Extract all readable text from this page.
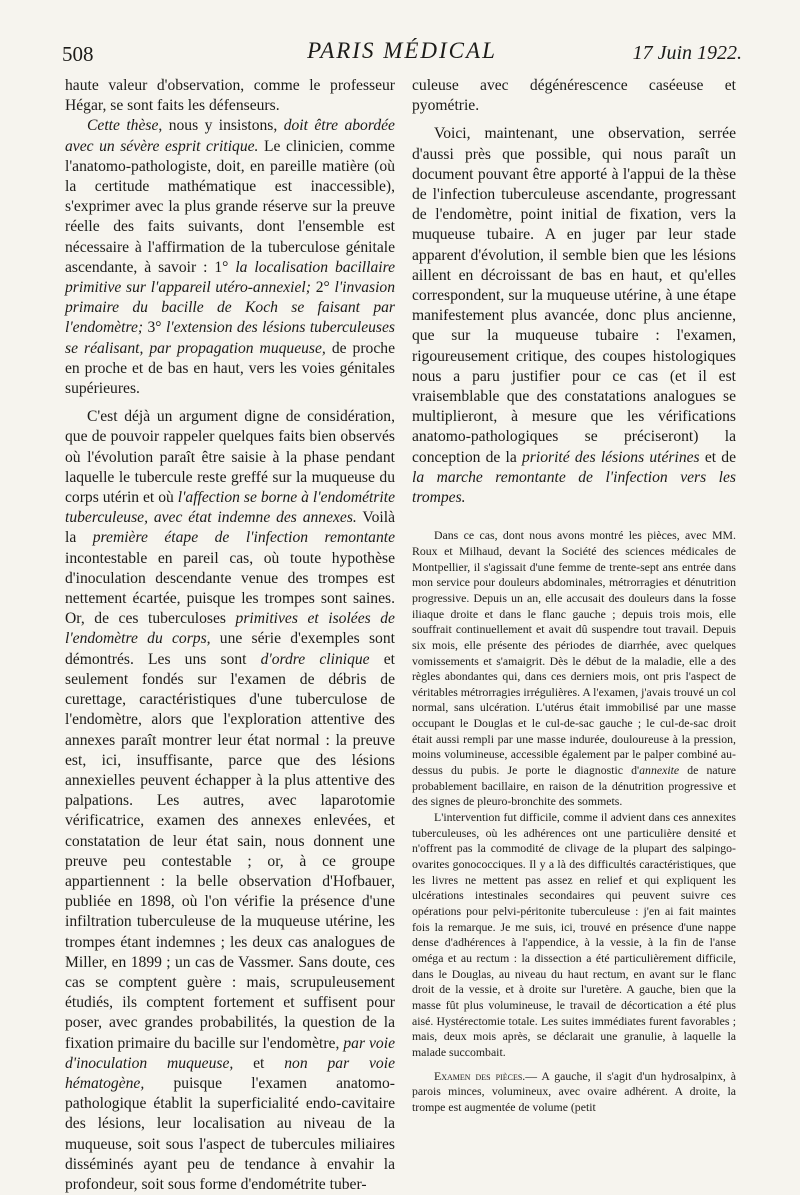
508	PARIS MÉDICAL	17 Juin 1922.

haute valeur d'observation, comme le professeur Hégar, se sont faits les défenseurs.

Cette thèse, nous y insistons, doit être abordée avec un sévère esprit critique. Le clinicien, comme l'anatomo-pathologiste, doit, en pareille matière (où la certitude mathématique est inaccessible), s'exprimer avec la plus grande réserve sur la preuve réelle des faits suivants, dont l'ensemble est nécessaire à l'affirmation de la tuberculose génitale ascendante, à savoir : 1° la localisation bacillaire primitive sur l'appareil utéro-annexiel; 2° l'invasion primaire du bacille de Koch se faisant par l'endomètre; 3° l'extension des lésions tuberculeuses se réalisant, par propagation muqueuse, de proche en proche et de bas en haut, vers les voies génitales supérieures.

C'est déjà un argument digne de considération, que de pouvoir rappeler quelques faits bien observés où l'évolution paraît être saisie à la phase pendant laquelle le tubercule reste greffé sur la muqueuse du corps utérin et où l'affection se borne à l'endométrite tuberculeuse, avec état indemne des annexes. Voilà la première étape de l'infection remontante incontestable en pareil cas, où toute hypothèse d'inoculation descendante venue des trompes est nettement écartée, puisque les trompes sont saines. Or, de ces tuberculoses primitives et isolées de l'endomètre du corps, une série d'exemples sont démontrés. Les uns sont d'ordre clinique et seulement fondés sur l'examen de débris de curettage, caractéristiques d'une tuberculose de l'endomètre, alors que l'exploration attentive des annexes paraît montrer leur état normal : la preuve est, ici, insuffisante, parce que des lésions annexielles peuvent échapper à la plus attentive des palpations. Les autres, avec laparotomie vérificatrice, examen des annexes enlevées, et constatation de leur état sain, nous donnent une preuve peu contestable ; or, à ce groupe appartiennent : la belle observation d'Hofbauer, publiée en 1898, où l'on vérifie la présence d'une infiltration tuberculeuse de la muqueuse utérine, les trompes étant indemnes ; les deux cas analogues de Miller, en 1899 ; un cas de Vassmer. Sans doute, ces cas se comptent guère : mais, scrupuleusement étudiés, ils comptent fortement et suffisent pour poser, avec grandes probabilités, la question de la fixation primaire du bacille sur l'endomètre, par voie d'inoculation muqueuse, et non par voie hématogène, puisque l'examen anatomo-pathologique établit la superficialité endo-cavitaire des lésions, leur localisation au niveau de la muqueuse, soit sous l'aspect de tubercules miliaires disséminés ayant peu de tendance à envahir la profondeur, soit sous forme d'endométrite tuber-

culeuse avec dégénérescence caséeuse et pyométrie.

Voici, maintenant, une observation, serrée d'aussi près que possible, qui nous paraît un document pouvant être apporté à l'appui de la thèse de l'infection tuberculeuse ascendante, progressant de l'endomètre, point initial de fixation, vers la muqueuse tubaire. A en juger par leur stade apparent d'évolution, il semble bien que les lésions aillent en décroissant de bas en haut, et qu'elles correspondent, sur la muqueuse utérine, à une étape manifestement plus avancée, donc plus ancienne, que sur la muqueuse tubaire : l'examen, rigoureusement critique, des coupes histologiques nous a paru justifier pour ce cas (et il est vraisemblable que des constatations analogues se multiplieront, à mesure que les vérifications anatomo-pathologiques se préciseront) la conception de la priorité des lésions utérines et de la marche remontante de l'infection vers les trompes.

Dans ce cas, dont nous avons montré les pièces, avec MM. Roux et Milhaud, devant la Société des sciences médicales de Montpellier, il s'agissait d'une femme de trente-sept ans entrée dans mon service pour douleurs abdominales, métrorragies et dénutrition progressive. Depuis un an, elle accusait des douleurs dans la fosse iliaque droite et dans le flanc gauche ; depuis trois mois, elle souffrait continuellement et avait dû suspendre tout travail. Depuis six mois, elle présente des périodes de diarrhée, avec quelques vomissements et s'amaigrit. Dès le début de la maladie, elle a des règles abondantes qui, dans ces derniers mois, ont pris l'aspect de véritables métrorragies irrégulières. A l'examen, j'avais trouvé un col normal, sans ulcération. L'utérus était immobilisé par une masse occupant le Douglas et le cul-de-sac gauche ; le cul-de-sac droit était aussi rempli par une masse indurée, douloureuse à la pression, moins volumineuse, accessible également par le palper combiné au-dessus du pubis. Je porte le diagnostic d'annexite de nature probablement bacillaire, en raison de la dénutrition progressive et des signes de pleuro-bronchite des sommets.

L'intervention fut difficile, comme il advient dans ces annexites tuberculeuses, où les adhérences ont une particulière densité et n'offrent pas la commodité de clivage de la plupart des salpingo-ovarites gonococciques. Il y a là des difficultés caractéristiques, que les livres ne mettent pas assez en relief et qui expliquent les ulcérations intestinales secondaires qui peuvent suivre ces opérations pour pelvi-péritonite tuberculeuse : j'en ai fait maintes fois la remarque. Je me suis, ici, trouvé en présence d'une nappe dense d'adhérences à l'appendice, à la vessie, à la fin de l'anse oméga et au rectum : la dissection a été particulièrement difficile, dans le Douglas, au niveau du haut rectum, en avant sur le flanc droit de la vessie, et à droite sur l'uretère. A gauche, bien que la masse fût plus volumineuse, le travail de décortication a été plus aisé. Hystérectomie totale. Les suites immédiates furent favorables ; mais, deux mois après, se déclarait une granulie, à laquelle la malade succombait.

Examen des pièces.— A gauche, il s'agit d'un hydrosalpinx, à parois minces, volumineux, avec ovaire adhérent. A droite, la trompe est augmentée de volume (petit
